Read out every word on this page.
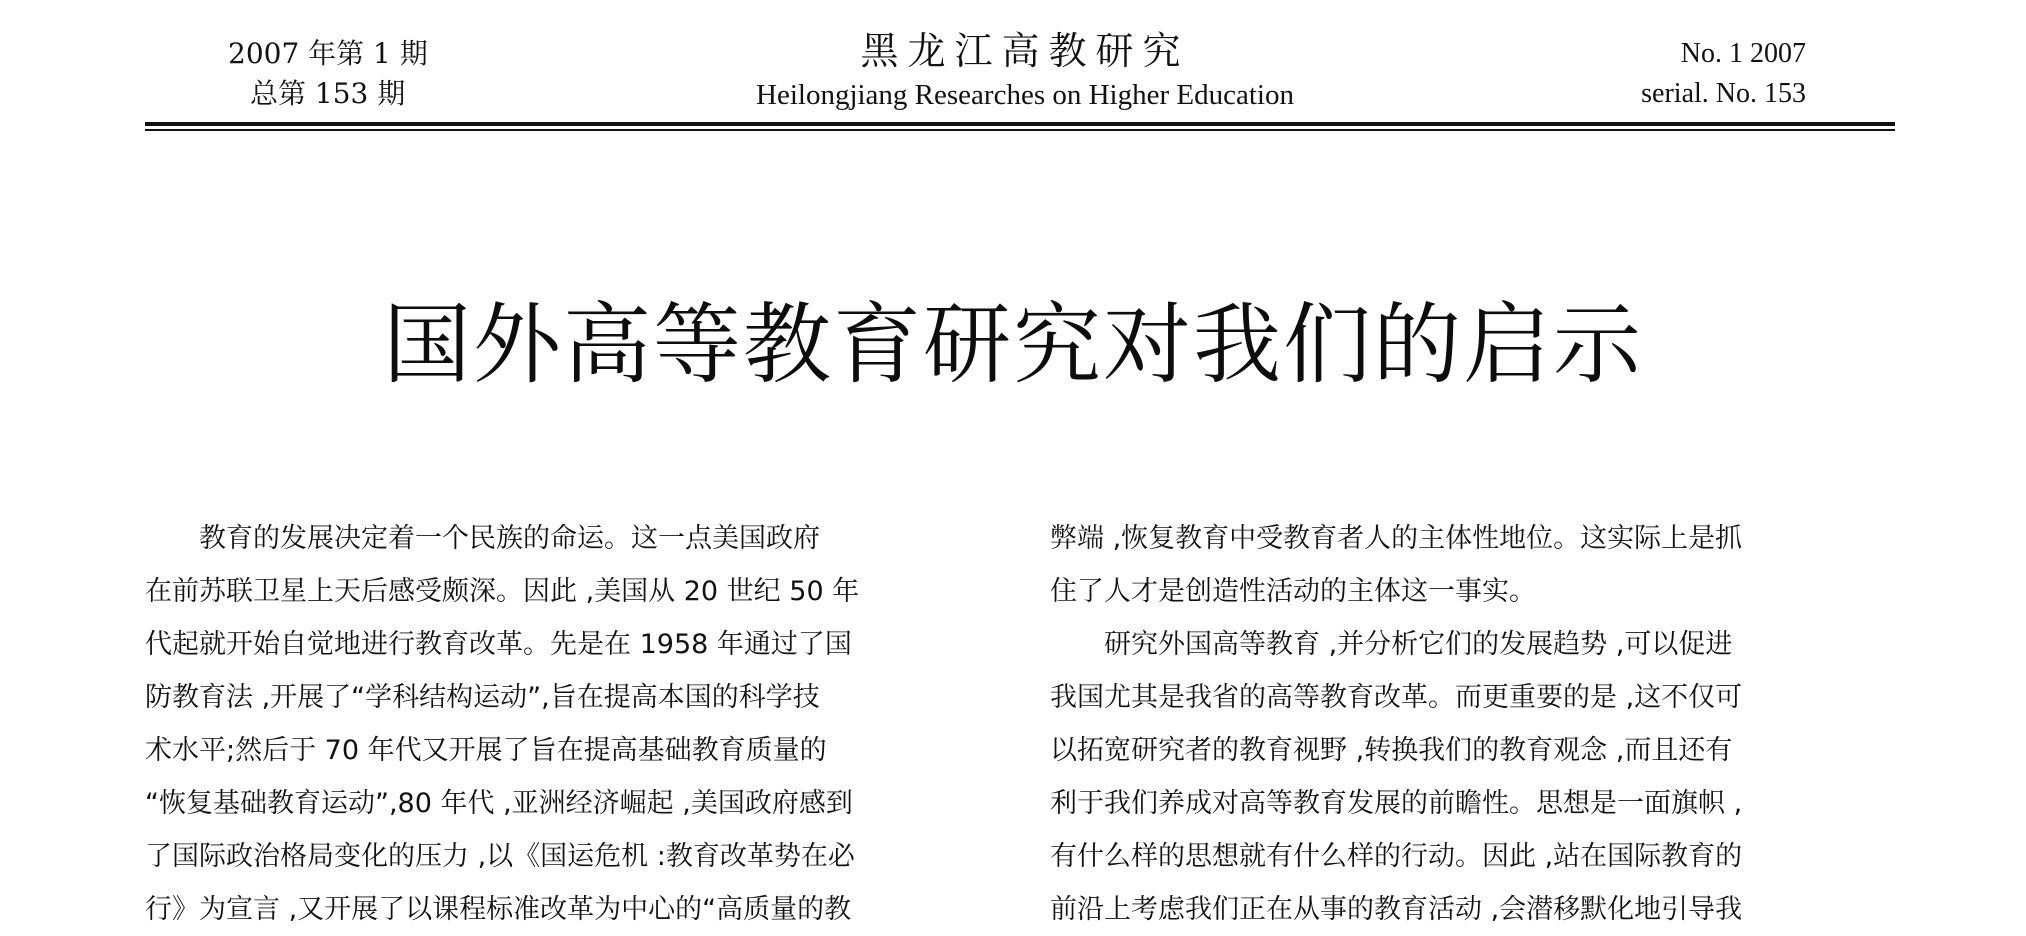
2007 年第 1 期
总第 153 期
黑龙江高教研究
Heilongjiang Researches on Higher Education
No. 1 2007
serial. No. 153
国外高等教育研究对我们的启示
　　教育的发展决定着一个民族的命运。这一点美国政府
在前苏联卫星上天后感受颇深。因此 ,美国从 20 世纪 50 年
代起就开始自觉地进行教育改革。先是在 1958 年通过了国
防教育法 ,开展了“学科结构运动”,旨在提高本国的科学技
术水平;然后于 70 年代又开展了旨在提高基础教育质量的
“恢复基础教育运动”,80 年代 ,亚洲经济崛起 ,美国政府感到
了国际政治格局变化的压力 ,以《国运危机 :教育改革势在必
行》为宣言 ,又开展了以课程标准改革为中心的“高质量的教
弊端 ,恢复教育中受教育者人的主体性地位。这实际上是抓
住了人才是创造性活动的主体这一事实。
　　研究外国高等教育 ,并分析它们的发展趋势 ,可以促进
我国尤其是我省的高等教育改革。而更重要的是 ,这不仅可
以拓宽研究者的教育视野 ,转换我们的教育观念 ,而且还有
利于我们养成对高等教育发展的前瞻性。思想是一面旗帜 ,
有什么样的思想就有什么样的行动。因此 ,站在国际教育的
前沿上考虑我们正在从事的教育活动 ,会潜移默化地引导我
